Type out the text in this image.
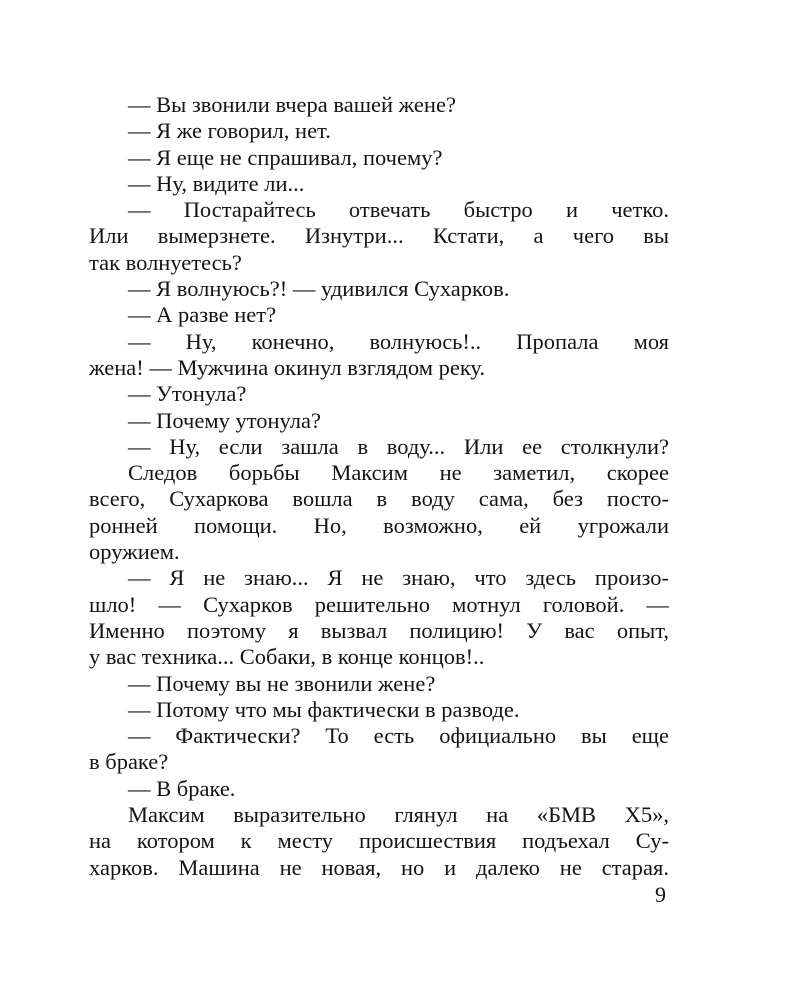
— Вы звонили вчера вашей жене?
— Я же говорил, нет.
— Я еще не спрашивал, почему?
— Ну, видите ли...
— Постарайтесь отвечать быстро и четко.
Или вымерзнете. Изнутри... Кстати, а чего вы
так волнуетесь?
— Я волнуюсь?! — удивился Сухарков.
— А разве нет?
— Ну, конечно, волнуюсь!.. Пропала моя
жена! — Мужчина окинул взглядом реку.
— Утонула?
— Почему утонула?
— Ну, если зашла в воду... Или ее столкнули?
Следов борьбы Максим не заметил, скорее
всего, Сухаркова вошла в воду сама, без посто-
ронней помощи. Но, возможно, ей угрожали
оружием.
— Я не знаю... Я не знаю, что здесь произо-
шло! — Сухарков решительно мотнул головой. —
Именно поэтому я вызвал полицию! У вас опыт,
у вас техника... Собаки, в конце концов!..
— Почему вы не звонили жене?
— Потому что мы фактически в разводе.
— Фактически? То есть официально вы еще
в браке?
— В браке.
Максим выразительно глянул на «БМВ X5»,
на котором к месту происшествия подъехал Су-
харков. Машина не новая, но и далеко не старая.
9
